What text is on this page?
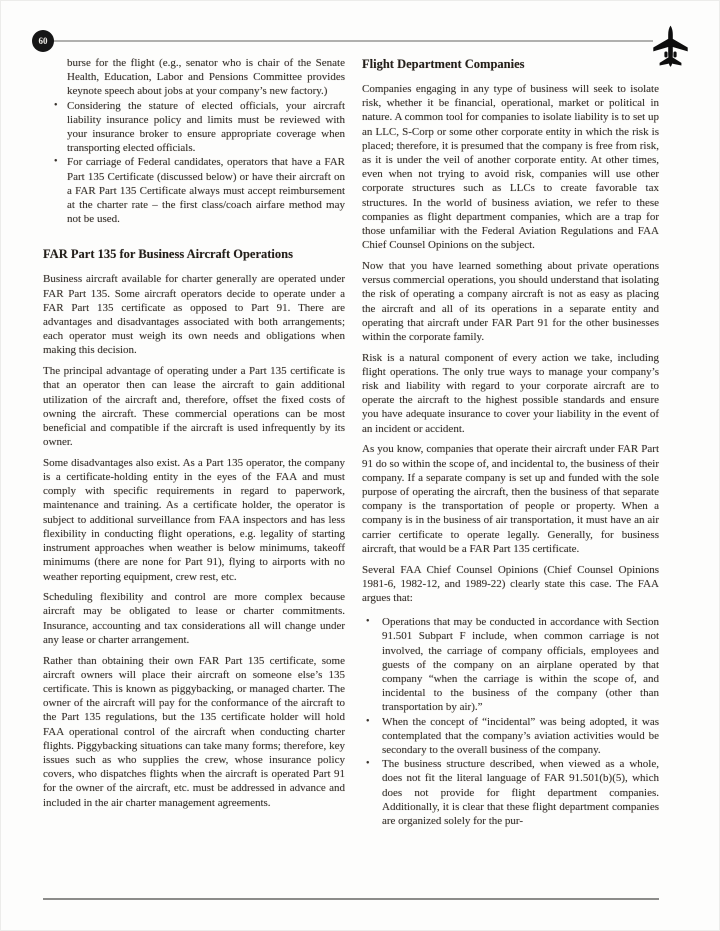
60
burse for the flight (e.g., senator who is chair of the Senate Health, Education, Labor and Pensions Committee provides keynote speech about jobs at your company’s new factory.)
• Considering the stature of elected officials, your aircraft liability insurance policy and limits must be reviewed with your insurance broker to ensure appropriate coverage when transporting elected officials.
• For carriage of Federal candidates, operators that have a FAR Part 135 Certificate (discussed below) or have their aircraft on a FAR Part 135 Certificate always must accept reimbursement at the charter rate – the first class/coach airfare method may not be used.
FAR Part 135 for Business Aircraft Operations

Business aircraft available for charter generally are operated under FAR Part 135. Some aircraft operators decide to operate under a FAR Part 135 certificate as opposed to Part 91. There are advantages and disadvantages associated with both arrangements; each operator must weigh its own needs and obligations when making this decision.

The principal advantage of operating under a Part 135 certificate is that an operator then can lease the aircraft to gain additional utilization of the aircraft and, therefore, offset the fixed costs of owning the aircraft. These commercial operations can be most beneficial and compatible if the aircraft is used infrequently by its owner.

Some disadvantages also exist. As a Part 135 operator, the company is a certificate-holding entity in the eyes of the FAA and must comply with specific requirements in regard to paperwork, maintenance and training. As a certificate holder, the operator is subject to additional surveillance from FAA inspectors and has less flexibility in conducting flight operations, e.g. legality of starting instrument approaches when weather is below minimums, takeoff minimums (there are none for Part 91), flying to airports with no weather reporting equipment, crew rest, etc.

Scheduling flexibility and control are more complex because aircraft may be obligated to lease or charter commitments. Insurance, accounting and tax considerations all will change under any lease or charter arrangement.

Rather than obtaining their own FAR Part 135 certificate, some aircraft owners will place their aircraft on someone else’s 135 certificate. This is known as piggybacking, or managed charter. The owner of the aircraft will pay for the conformance of the aircraft to the Part 135 regulations, but the 135 certificate holder will hold FAA operational control of the aircraft when conducting charter flights. Piggybacking situations can take many forms; therefore, key issues such as who supplies the crew, whose insurance policy covers, who dispatches flights when the aircraft is operated Part 91 for the owner of the aircraft, etc. must be addressed in advance and included in the air charter management agreements.

Flight Department Companies

Companies engaging in any type of business will seek to isolate risk, whether it be financial, operational, market or political in nature. A common tool for companies to isolate liability is to set up an LLC, S-Corp or some other corporate entity in which the risk is placed; therefore, it is presumed that the company is free from risk, as it is under the veil of another corporate entity. At other times, even when not trying to avoid risk, companies will use other corporate structures such as LLCs to create favorable tax structures. In the world of business aviation, we refer to these companies as flight department companies, which are a trap for those unfamiliar with the Federal Aviation Regulations and FAA Chief Counsel Opinions on the subject.

Now that you have learned something about private operations versus commercial operations, you should understand that isolating the risk of operating a company aircraft is not as easy as placing the aircraft and all of its operations in a separate entity and operating that aircraft under FAR Part 91 for the other businesses within the corporate family.

Risk is a natural component of every action we take, including flight operations. The only true ways to manage your company’s risk and liability with regard to your corporate aircraft are to operate the aircraft to the highest possible standards and ensure you have adequate insurance to cover your liability in the event of an incident or accident.

As you know, companies that operate their aircraft under FAR Part 91 do so within the scope of, and incidental to, the business of their company. If a separate company is set up and funded with the sole purpose of operating the aircraft, then the business of that separate company is the transportation of people or property. When a company is in the business of air transportation, it must have an air carrier certificate to operate legally. Generally, for business aircraft, that would be a FAR Part 135 certificate.

Several FAA Chief Counsel Opinions (Chief Counsel Opinions 1981-6, 1982-12, and 1989-22) clearly state this case. The FAA argues that:

•	Operations that may be conducted in accordance with Section 91.501 Subpart F include, when common carriage is not involved, the carriage of company officials, employees and guests of the company on an airplane operated by that company “when the carriage is within the scope of, and incidental to the business of the company (other than transportation by air).”
•	When the concept of “incidental” was being adopted, it was contemplated that the company’s aviation activities would be secondary to the overall business of the company.
•	The business structure described, when viewed as a whole, does not fit the literal language of FAR 91.501(b)(5), which does not provide for flight department companies. Additionally, it is clear that these flight department companies are organized solely for the pur-
